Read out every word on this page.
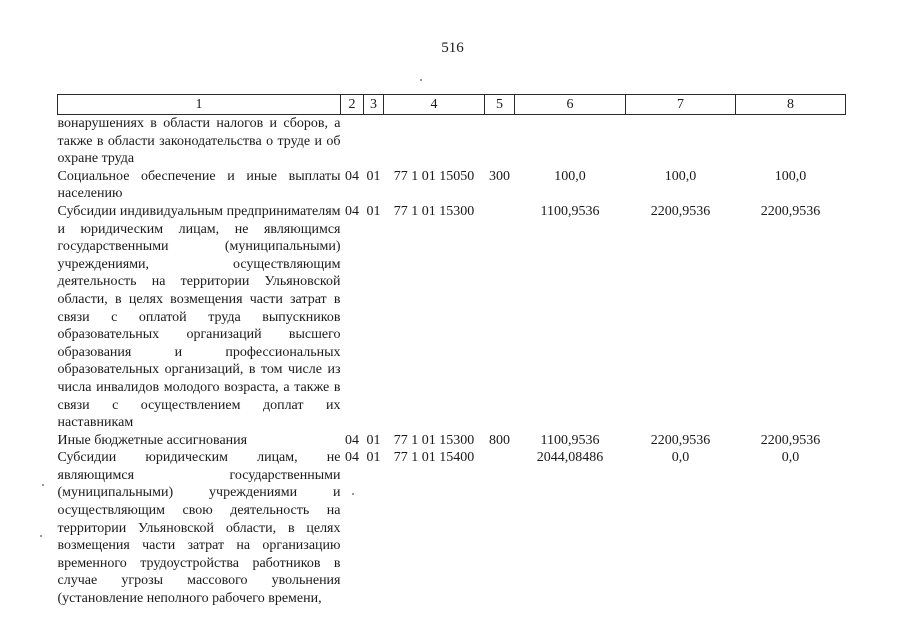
516
1	2	3	4	5	6	7	8
вонарушениях в области налогов и сборов, а также в области законодательства о труде и об охране труда							
Социальное обеспечение и иные выплаты населению	04	01	77 1 01 15050	300	100,0	100,0	100,0
Субсидии индивидуальным предпринимателям и юридическим лицам, не являющимся государственными (муниципальными) учреждениями, осуществляющим деятельность на территории Ульяновской области, в целях возмещения части затрат в связи с оплатой труда выпускников образовательных организаций высшего образования и профессиональных образовательных организаций, в том числе из числа инвалидов молодого возраста, а также в связи с осуществлением доплат их наставникам	04	01	77 1 01 15300		1100,9536	2200,9536	2200,9536
Иные бюджетные ассигнования	04	01	77 1 01 15300	800	1100,9536	2200,9536	2200,9536
Субсидии юридическим лицам, не являющимся государственными (муниципальными) учреждениями и осуществляющим свою деятельность на территории Ульяновской области, в целях возмещения части затрат на организацию временного трудоустройства работников в случае угрозы массового увольнения (установление неполного рабочего времени,	04	01	77 1 01 15400		2044,08486	0,0	0,0
